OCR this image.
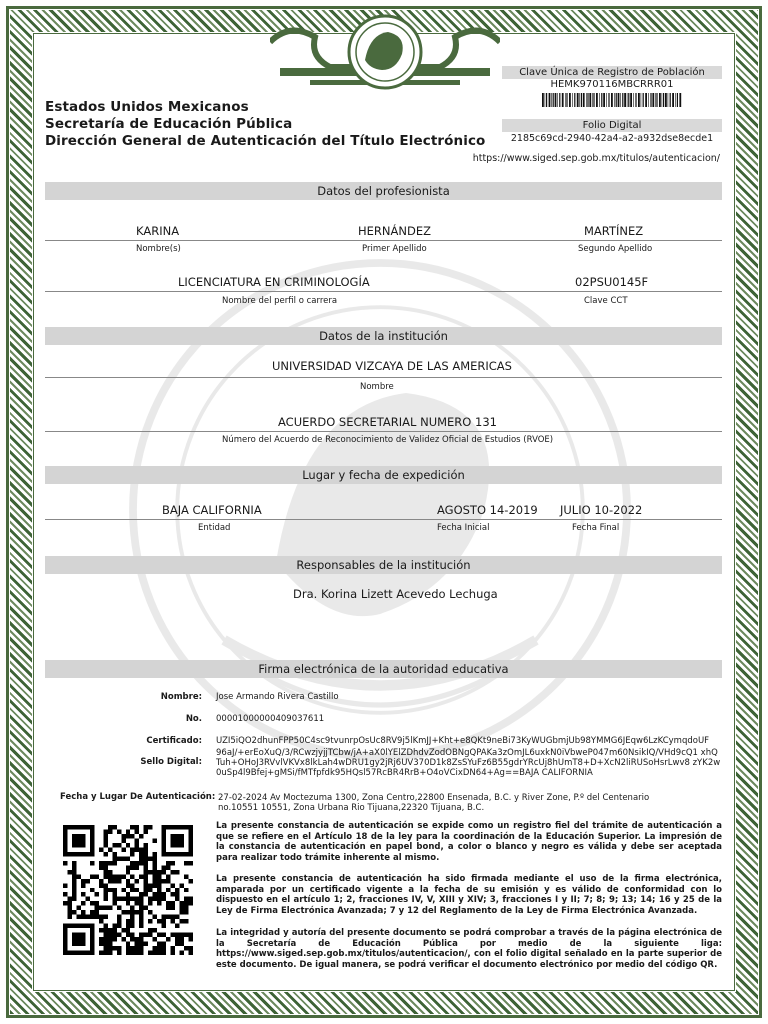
Estados Unidos Mexicanos
Secretaría de Educación Pública
Dirección General de Autenticación del Título Electrónico
Clave Única de Registro de Población
HEMK970116MBCRRR01
Folio Digital
2185c69cd-2940-42a4-a2-a932dse8ecde1
https://www.siged.sep.gob.mx/titulos/autenticacion/
Datos del profesionista
KARINA	HERNÁNDEZ	MARTÍNEZ
Nombre(s)	Primer Apellido	Segundo Apellido
LICENCIATURA EN CRIMINOLOGÍA	02PSU0145F
Nombre del perfil o carrera	Clave CCT
Datos de la institución
UNIVERSIDAD VIZCAYA DE LAS AMERICAS
Nombre
ACUERDO SECRETARIAL NUMERO 131
Número del Acuerdo de Reconocimiento de Validez Oficial de Estudios (RVOE)
Lugar y fecha de expedición
BAJA CALIFORNIA	AGOSTO 14-2019 JULIO 10-2022
Entidad	Fecha Inicial	Fecha Final
Responsables de la institución
Dra. Korina Lizett Acevedo Lechuga
Firma electrónica de la autoridad educativa
Nombre: Jose Armando Rivera Castillo
No. 00001000000409037611
Certificado: UZI5iQO2dhunFPP50C4sc9tvunrpOsUc8RV9j5lKmJJ+Kht+e8QKt9neBi73KyWUGbmjUb98YMMG6JEqw6LzKCymqdoUF
Sello Digital:
96aJ/+erEoXuQ/3/RCwzjyjjTCbw/jA+aX0lYElZDhdvZodOBNgQPAKa3zOmJL6uxkN0iVbweP047m60NsikIQ/VHd9cQ1 xhQTuh+OHoJ3RVvlVKVx8lkLah4wDRU1gy2jRj6UV370D1k8ZsSYuFz6B55gdrYRcUj8hUmT8+D+XcN2liRUSoHsrLwv8 zYK2w0uSp4l9Bfej+gMSi/fMTfpfdk95HQsl57RcBR4RrB+O4oVCixDN64+Ag==BAJA CALIFORNIA
Fecha y Lugar De Autenticación: 27-02-2024 Av Moctezuma 1300, Zona Centro,22800 Ensenada, B.C. y River Zone, P.º del Centenario no.10551 10551, Zona Urbana Rio Tijuana,22320 Tijuana, B.C.
La presente constancia de autenticación se expide como un registro fiel del trámite de autenticación a que se refiere en el Artículo 18 de la ley para la coordinación de la Educación Superior. La impresión de la constancia de autenticación en papel bond, a color o blanco y negro es válida y debe ser aceptada para realizar todo trámite inherente al mismo.
La presente constancia de autenticación ha sido firmada mediante el uso de la firma electrónica, amparada por un certificado vigente a la fecha de su emisión y es válido de conformidad con lo dispuesto en el artículo 1; 2, fracciones IV, V, XIII y XIV; 3, fracciones I y II; 7; 8; 9; 13; 14; 16 y 25 de la Ley de Firma Electrónica Avanzada; 7 y 12 del Reglamento de la Ley de Firma Electrónica Avanzada.
La integridad y autoría del presente documento se podrá comprobar a través de la página electrónica de la Secretaría de Educación Pública por medio de la siguiente liga: https://www.siged.sep.gob.mx/titulos/autenticacion/, con el folio digital señalado en la parte superior de este documento. De igual manera, se podrá verificar el documento electrónico por medio del código QR.
